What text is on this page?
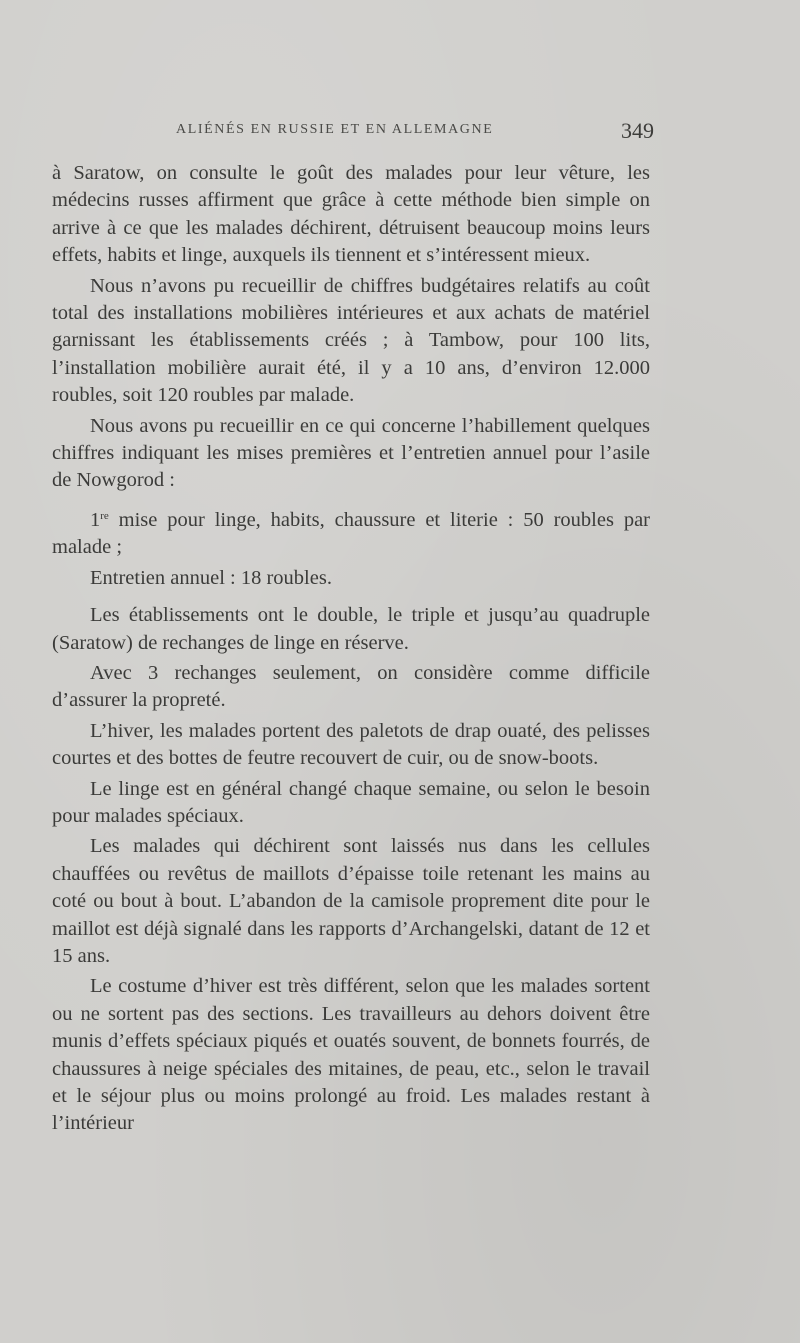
ALIÉNÉS EN RUSSIE ET EN ALLEMAGNE	349

à Saratow, on consulte le goût des malades pour leur vêture, les médecins russes affirment que grâce à cette méthode bien simple on arrive à ce que les malades déchirent, détruisent beaucoup moins leurs effets, habits et linge, auxquels ils tiennent et s’intéressent mieux.

Nous n’avons pu recueillir de chiffres budgétaires relatifs au coût total des installations mobilières intérieures et aux achats de matériel garnissant les établissements créés ; à Tambow, pour 100 lits, l’installation mobilière aurait été, il y a 10 ans, d’environ 12.000 roubles, soit 120 roubles par malade.

Nous avons pu recueillir en ce qui concerne l’habillement quelques chiffres indiquant les mises premières et l’entretien annuel pour l’asile de Nowgorod :

1re mise pour linge, habits, chaussure et literie : 50 roubles par malade ;

Entretien annuel : 18 roubles.

Les établissements ont le double, le triple et jusqu’au quadruple (Saratow) de rechanges de linge en réserve.

Avec 3 rechanges seulement, on considère comme difficile d’assurer la propreté.

L’hiver, les malades portent des paletots de drap ouaté, des pelisses courtes et des bottes de feutre recouvert de cuir, ou de snow-boots.

Le linge est en général changé chaque semaine, ou selon le besoin pour malades spéciaux.

Les malades qui déchirent sont laissés nus dans les cellules chauffées ou revêtus de maillots d’épaisse toile retenant les mains au coté ou bout à bout. L’abandon de la camisole proprement dite pour le maillot est déjà signalé dans les rapports d’Archangelski, datant de 12 et 15 ans.

Le costume d’hiver est très différent, selon que les malades sortent ou ne sortent pas des sections. Les travailleurs au dehors doivent être munis d’effets spéciaux piqués et ouatés souvent, de bonnets fourrés, de chaussures à neige spéciales des mitaines, de peau, etc., selon le travail et le séjour plus ou moins prolongé au froid. Les malades restant à l’intérieur
